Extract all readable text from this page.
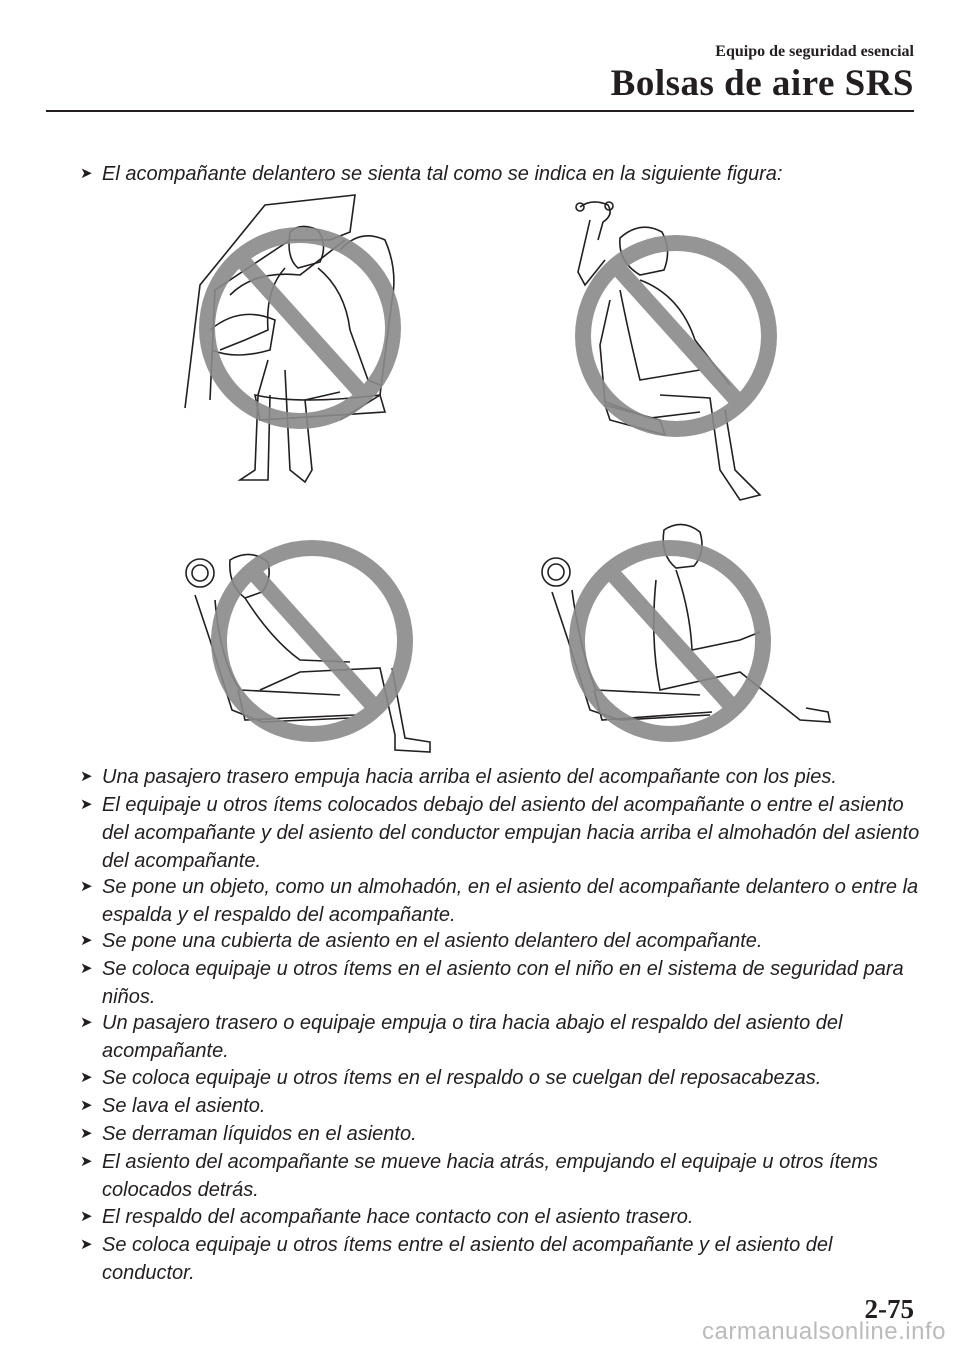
Equipo de seguridad esencial
Bolsas de aire SRS
➤ El acompañante delantero se sienta tal como se indica en la siguiente figura:
➤ Una pasajero trasero empuja hacia arriba el asiento del acompañante con los pies.
➤ El equipaje u otros ítems colocados debajo del asiento del acompañante o entre el asiento del acompañante y del asiento del conductor empujan hacia arriba el almohadón del asiento del acompañante.
➤ Se pone un objeto, como un almohadón, en el asiento del acompañante delantero o entre la espalda y el respaldo del acompañante.
➤ Se pone una cubierta de asiento en el asiento delantero del acompañante.
➤ Se coloca equipaje u otros ítems en el asiento con el niño en el sistema de seguridad para niños.
➤ Un pasajero trasero o equipaje empuja o tira hacia abajo el respaldo del asiento del acompañante.
➤ Se coloca equipaje u otros ítems en el respaldo o se cuelgan del reposacabezas.
➤ Se lava el asiento.
➤ Se derraman líquidos en el asiento.
➤ El asiento del acompañante se mueve hacia atrás, empujando el equipaje u otros ítems colocados detrás.
➤ El respaldo del acompañante hace contacto con el asiento trasero.
➤ Se coloca equipaje u otros ítems entre el asiento del acompañante y el asiento del conductor.
2-75
carmanualsonline.info
